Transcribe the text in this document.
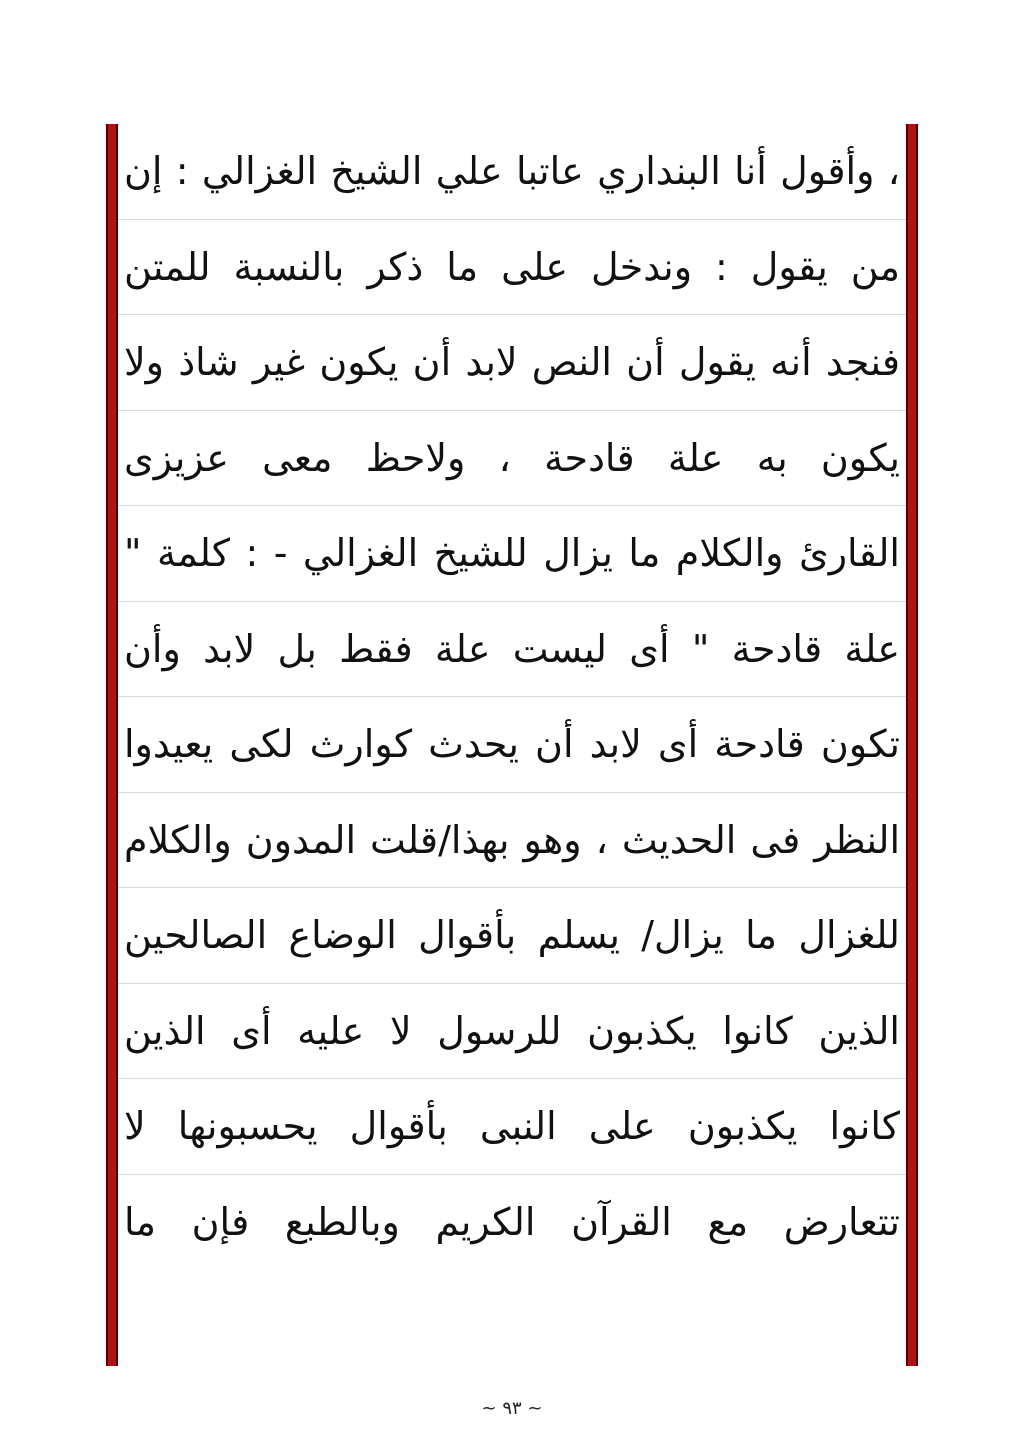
، وأقول أنا البنداري عاتبا علي الشيخ الغزالي : إن
من يقول : وندخل على ما ذكر بالنسبة للمتن
فنجد أنه يقول أن النص لابد أن يكون غير شاذ ولا
يكون به علة قادحة ، ولاحظ معى عزيزى
القارئ والكلام ما يزال للشيخ الغزالي - : كلمة "
علة قادحة " أى ليست علة فقط بل لابد وأن
تكون قادحة أى لابد أن يحدث كوارث لكى يعيدوا
النظر فى الحديث ، وهو بهذا/قلت المدون والكلام
للغزال ما يزال/ يسلم بأقوال الوضاع الصالحين
الذين كانوا يكذبون للرسول لا عليه أى الذين
كانوا يكذبون على النبى بأقوال يحسبونها لا
تتعارض مع القرآن الكريم وبالطبع فإن ما
~ ٩٣ ~
